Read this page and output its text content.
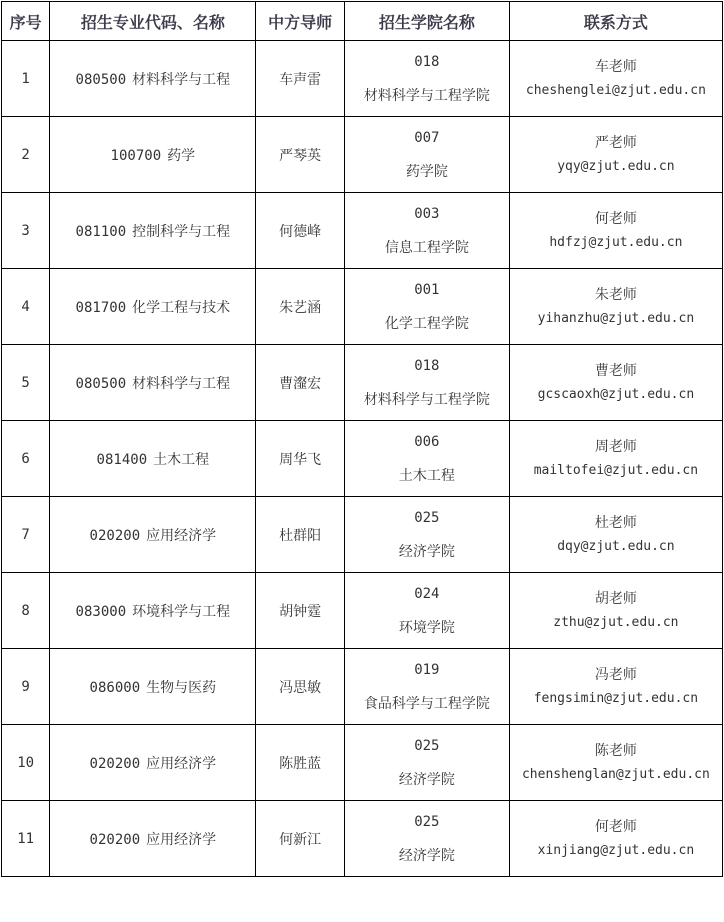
序号	招生专业代码、名称	中方导师	招生学院名称	联系方式
1	080500 材料科学与工程	车声雷	018
材料科学与工程学院	车老师
cheshenglei@zjut.edu.cn

2	100700 药学	严琴英	007
药学院	严老师
yqy@zjut.edu.cn

3	081100 控制科学与工程	何德峰	003
信息工程学院	何老师
hdfzj@zjut.edu.cn

4	081700 化学工程与技术	朱艺涵	001
化学工程学院	朱老师
yihanzhu@zjut.edu.cn

5	080500 材料科学与工程	曹瀣宏	018
材料科学与工程学院	曹老师
gcscaoxh@zjut.edu.cn

6	081400 土木工程	周华飞	006
土木工程	周老师
mailtofei@zjut.edu.cn

7	020200 应用经济学	杜群阳	025
经济学院	杜老师
dqy@zjut.edu.cn

8	083000 环境科学与工程	胡钟霆	024
环境学院	胡老师
zthu@zjut.edu.cn

9	086000 生物与医药	冯思敏	019
食品科学与工程学院	冯老师
fengsimin@zjut.edu.cn

10	020200 应用经济学	陈胜蓝	025
经济学院	陈老师
chenshenglan@zjut.edu.cn

11	020200 应用经济学	何新江	025
经济学院	何老师
xinjiang@zjut.edu.cn
